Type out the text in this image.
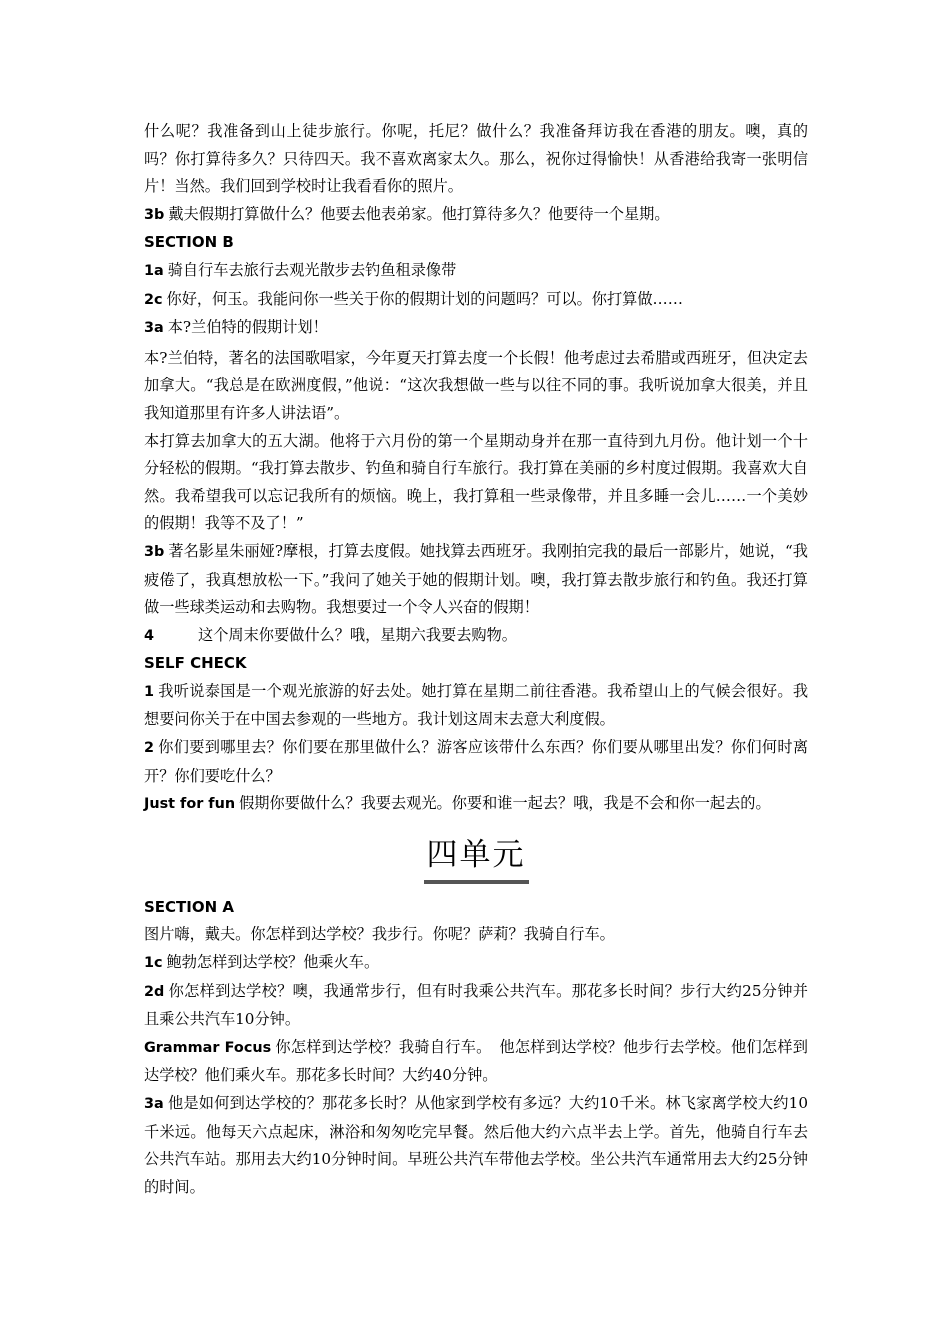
什么呢？我准备到山上徒步旅行。你呢，托尼？做什么？我准备拜访我在香港的朋友。噢，真的吗？你打算待多久？只待四天。我不喜欢离家太久。那么，祝你过得愉快！从香港给我寄一张明信片！当然。我们回到学校时让我看看你的照片。

3b 戴夫假期打算做什么？他要去他表弟家。他打算待多久？他要待一个星期。

SECTION B

1a 骑自行车去旅行去观光散步去钓鱼租录像带

2c 你好，何玉。我能问你一些关于你的假期计划的问题吗？可以。你打算做……

3a 本?兰伯特的假期计划！

本?兰伯特，著名的法国歌唱家，今年夏天打算去度一个长假！他考虑过去希腊或西班牙，但决定去加拿大。“我总是在欧洲度假，”他说：“这次我想做一些与以往不同的事。我听说加拿大很美，并且我知道那里有许多人讲法语”。

本打算去加拿大的五大湖。他将于六月份的第一个星期动身并在那一直待到九月份。他计划一个十分轻松的假期。“我打算去散步、钓鱼和骑自行车旅行。我打算在美丽的乡村度过假期。我喜欢大自然。我希望我可以忘记我所有的烦恼。晚上，我打算租一些录像带，并且多睡一会儿……一个美妙的假期！我等不及了！”

3b 著名影星朱丽娅?摩根，打算去度假。她找算去西班牙。我刚拍完我的最后一部影片，她说，“我疲倦了，我真想放松一下。”我问了她关于她的假期计划。噢，我打算去散步旅行和钓鱼。我还打算做一些球类运动和去购物。我想要过一个令人兴奋的假期！

4	这个周末你要做什么？哦，星期六我要去购物。

SELF CHECK

1 我听说泰国是一个观光旅游的好去处。她打算在星期二前往香港。我希望山上的气候会很好。我想要问你关于在中国去参观的一些地方。我计划这周末去意大利度假。

2 你们要到哪里去？你们要在那里做什么？游客应该带什么东西？你们要从哪里出发？你们何时离开？你们要吃什么？

Just for fun 假期你要做什么？我要去观光。你要和谁一起去？哦，我是不会和你一起去的。

四单元

SECTION A

图片嗨，戴夫。你怎样到达学校？我步行。你呢？萨莉？我骑自行车。

1c 鲍勃怎样到达学校？他乘火车。

2d 你怎样到达学校？噢，我通常步行，但有时我乘公共汽车。那花多长时间？步行大约25分钟并且乘公共汽车10分钟。

Grammar Focus 你怎样到达学校？我骑自行车。　他怎样到达学校？他步行去学校。他们怎样到达学校？他们乘火车。那花多长时间？大约40分钟。

3a 他是如何到达学校的？那花多长时？从他家到学校有多远？大约10千米。林飞家离学校大约10千米远。他每天六点起床，淋浴和匆匆吃完早餐。然后他大约六点半去上学。首先，他骑自行车去公共汽车站。那用去大约10分钟时间。早班公共汽车带他去学校。坐公共汽车通常用去大约25分钟的时间。
